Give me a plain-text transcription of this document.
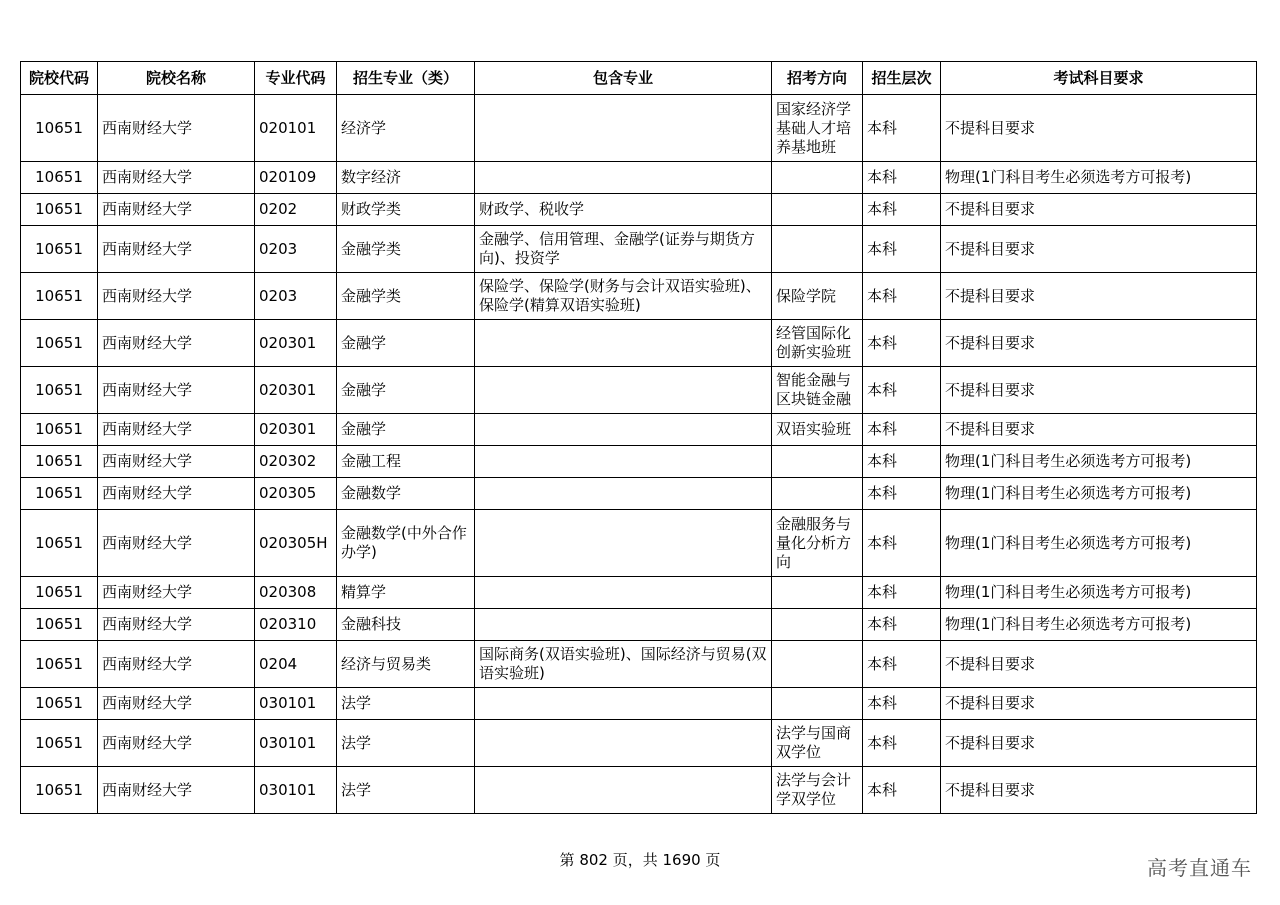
院校代码	院校名称	专业代码	招生专业（类）	包含专业	招考方向	招生层次	考试科目要求
10651	西南财经大学	020101	经济学		国家经济学基础人才培养基地班	本科	不提科目要求
10651	西南财经大学	020109	数字经济			本科	物理(1门科目考生必须选考方可报考)
10651	西南财经大学	0202	财政学类	财政学、税收学		本科	不提科目要求
10651	西南财经大学	0203	金融学类	金融学、信用管理、金融学(证券与期货方向)、投资学		本科	不提科目要求
10651	西南财经大学	0203	金融学类	保险学、保险学(财务与会计双语实验班)、保险学(精算双语实验班)	保险学院	本科	不提科目要求
10651	西南财经大学	020301	金融学		经管国际化创新实验班	本科	不提科目要求
10651	西南财经大学	020301	金融学		智能金融与区块链金融	本科	不提科目要求
10651	西南财经大学	020301	金融学		双语实验班	本科	不提科目要求
10651	西南财经大学	020302	金融工程			本科	物理(1门科目考生必须选考方可报考)
10651	西南财经大学	020305	金融数学			本科	物理(1门科目考生必须选考方可报考)
10651	西南财经大学	020305H	金融数学(中外合作办学)		金融服务与量化分析方向	本科	物理(1门科目考生必须选考方可报考)
10651	西南财经大学	020308	精算学			本科	物理(1门科目考生必须选考方可报考)
10651	西南财经大学	020310	金融科技			本科	物理(1门科目考生必须选考方可报考)
10651	西南财经大学	0204	经济与贸易类	国际商务(双语实验班)、国际经济与贸易(双语实验班)		本科	不提科目要求
10651	西南财经大学	030101	法学			本科	不提科目要求
10651	西南财经大学	030101	法学		法学与国商双学位	本科	不提科目要求
10651	西南财经大学	030101	法学		法学与会计学双学位	本科	不提科目要求
第 802 页，共 1690 页	高考直通车
